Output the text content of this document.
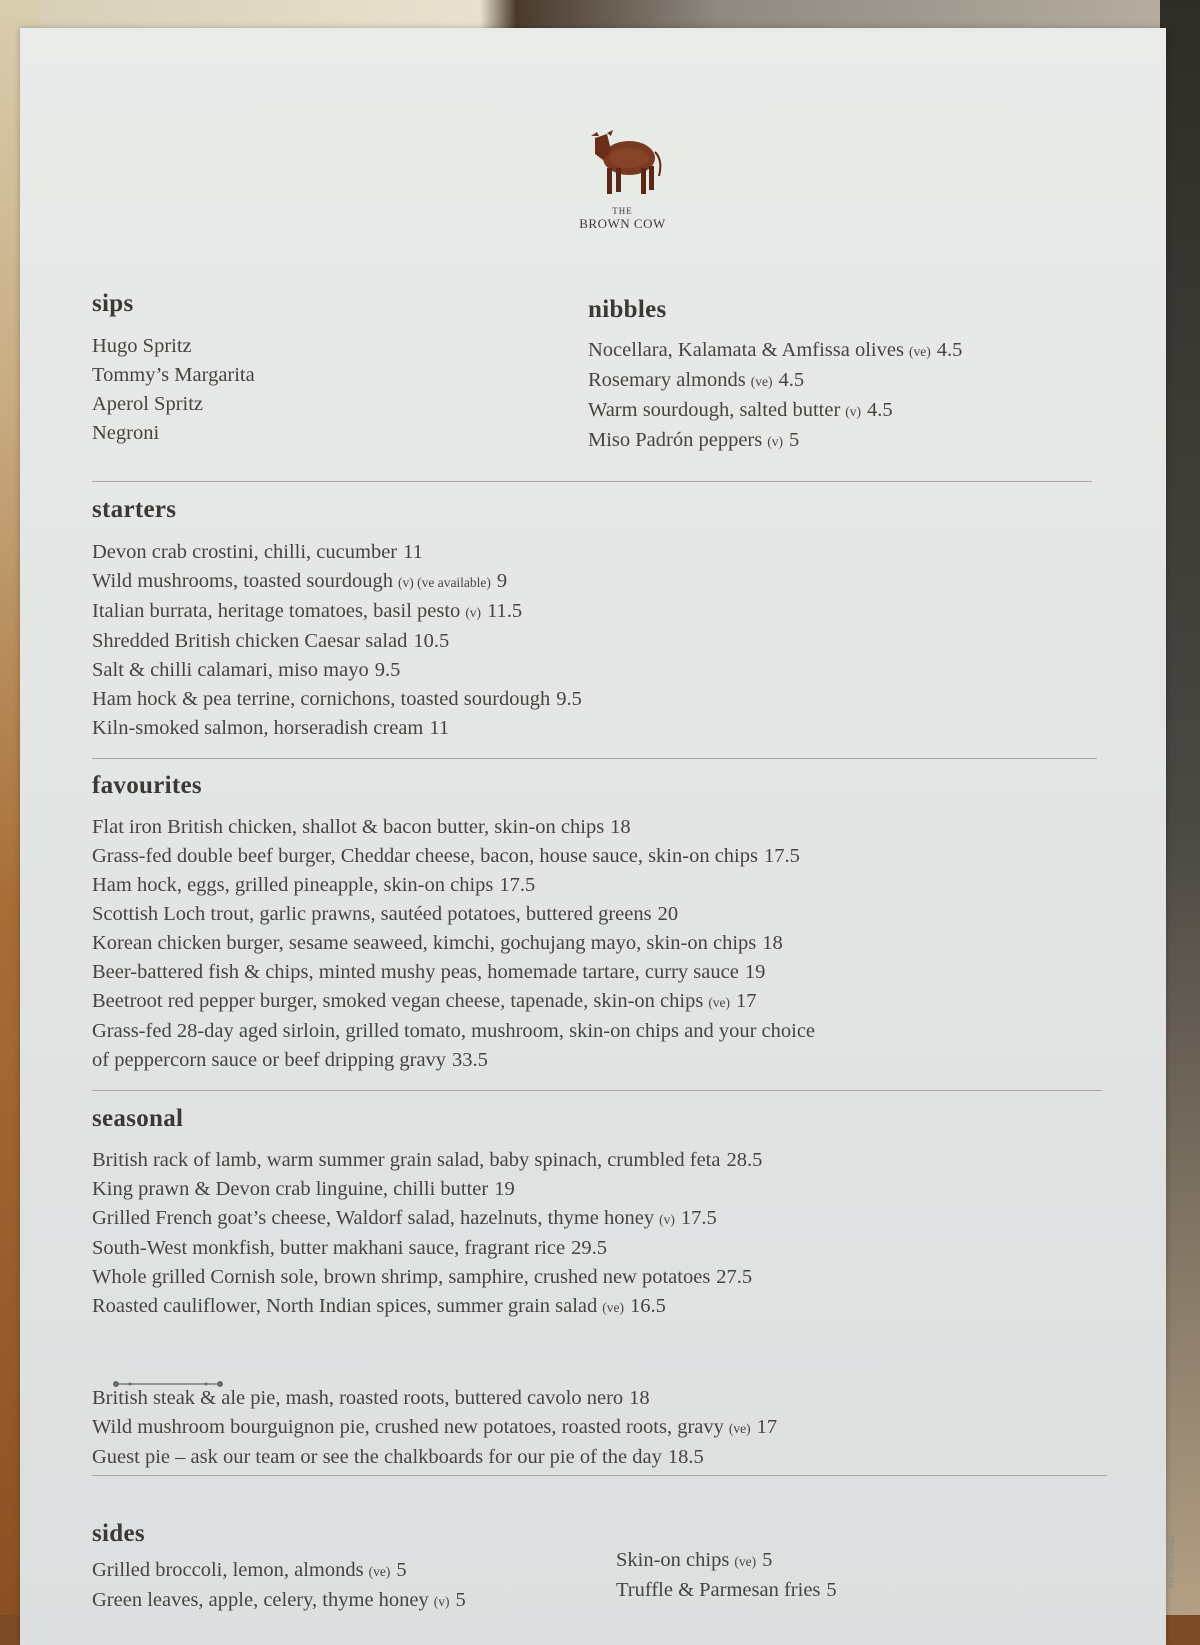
THE
BROWN COW
sips
Hugo Spritz
Tommy’s Margarita
Aperol Spritz
Negroni
nibbles
Nocellara, Kalamata & Amfissa olives (ve) 4.5
Rosemary almonds (ve) 4.5
Warm sourdough, salted butter (v) 4.5
Miso Padrón peppers (v) 5
starters
Devon crab crostini, chilli, cucumber 11
Wild mushrooms, toasted sourdough (v) (ve available) 9
Italian burrata, heritage tomatoes, basil pesto (v) 11.5
Shredded British chicken Caesar salad 10.5
Salt & chilli calamari, miso mayo 9.5
Ham hock & pea terrine, cornichons, toasted sourdough 9.5
Kiln-smoked salmon, horseradish cream 11
favourites
Flat iron British chicken, shallot & bacon butter, skin-on chips 18
Grass-fed double beef burger, Cheddar cheese, bacon, house sauce, skin-on chips 17.5
Ham hock, eggs, grilled pineapple, skin-on chips 17.5
Scottish Loch trout, garlic prawns, sautéed potatoes, buttered greens 20
Korean chicken burger, sesame seaweed, kimchi, gochujang mayo, skin-on chips 18
Beer-battered fish & chips, minted mushy peas, homemade tartare, curry sauce 19
Beetroot red pepper burger, smoked vegan cheese, tapenade, skin-on chips (ve) 17
Grass-fed 28-day aged sirloin, grilled tomato, mushroom, skin-on chips and your choice
of peppercorn sauce or beef dripping gravy 33.5
seasonal
British rack of lamb, warm summer grain salad, baby spinach, crumbled feta 28.5
King prawn & Devon crab linguine, chilli butter 19
Grilled French goat’s cheese, Waldorf salad, hazelnuts, thyme honey (v) 17.5
South-West monkfish, butter makhani sauce, fragrant rice 29.5
Whole grilled Cornish sole, brown shrimp, samphire, crushed new potatoes 27.5
Roasted cauliflower, North Indian spices, summer grain salad (ve) 16.5
British steak & ale pie, mash, roasted roots, buttered cavolo nero 18
Wild mushroom bourguignon pie, crushed new potatoes, roasted roots, gravy (ve) 17
Guest pie – ask our team or see the chalkboards for our pie of the day 18.5
sides
Grilled broccoli, lemon, almonds (ve) 5
Green leaves, apple, celery, thyme honey (v) 5
Skin-on chips (ve) 5
Truffle & Parmesan fries 5
PSC32b-CMM4
